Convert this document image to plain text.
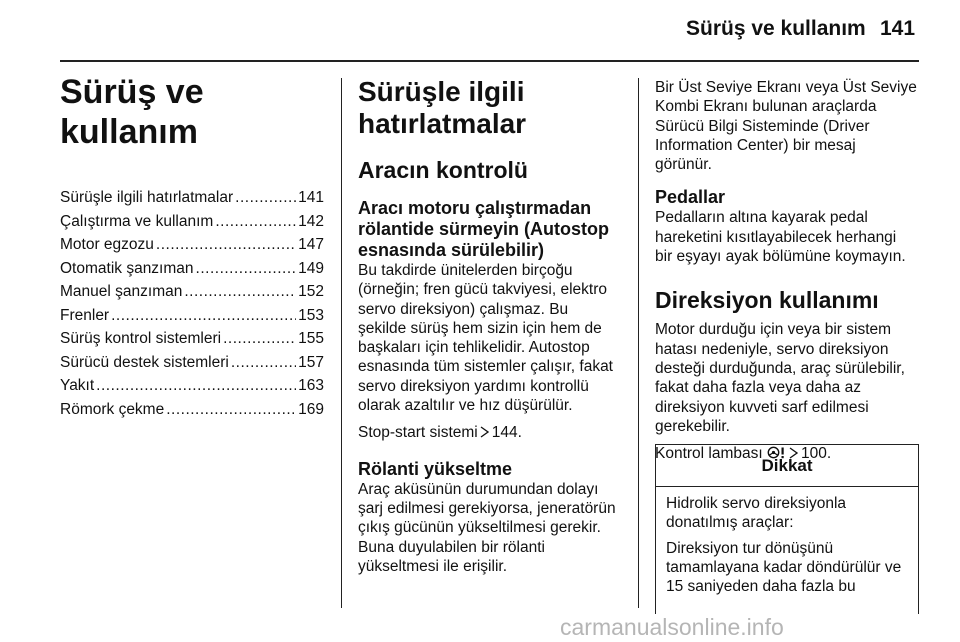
Sürüş ve kullanım 141
Sürüş ve kullanım
Sürüşle ilgili hatırlatmalar .....	141
Çalıştırma ve kullanım .....	142
Motor egzozu .....	147
Otomatik şanzıman .....	149
Manuel şanzıman .....	152
Frenler .....	153
Sürüş kontrol sistemleri .....	155
Sürücü destek sistemleri .....	157
Yakıt .....	163
Römork çekme .....	169
Sürüşle ilgili
hatırlatmalar
Aracın kontrolü
Aracı motoru çalıştırmadan
rölantide sürmeyin (Autostop
esnasında sürülebilir)

Bu takdirde ünitelerden birçoğu
(örneğin; fren gücü takviyesi, elektro
servo direksiyon) çalışmaz. Bu
şekilde sürüş hem sizin için hem de
başkaları için tehlikelidir. Autostop
esnasında tüm sistemler çalışır, fakat
servo direksiyon yardımı kontrollü
olarak azaltılır ve hız düşürülür.

Stop-start sistemi 144.

Rölanti yükseltme

Araç aküsünün durumundan dolayı
şarj edilmesi gerekiyorsa, jeneratörün
çıkış gücünün yükseltilmesi gerekir.
Buna duyulabilen bir rölanti
yükseltmesi ile erişilir.

Bir Üst Seviye Ekranı veya Üst Seviye
Kombi Ekranı bulunan araçlarda
Sürücü Bilgi Sisteminde (Driver
Information Center) bir mesaj
görünür.

Pedallar

Pedalların altına kayarak pedal
hareketini kısıtlayabilecek herhangi
bir eşyayı ayak bölümüne koymayın.

Direksiyon kullanımı

Motor durduğu için veya bir sistem
hatası nedeniyle, servo direksiyon
desteği durduğunda, araç sürülebilir,
fakat daha fazla veya daha az
direksiyon kuvveti sarf edilmesi
gerekebilir.

Kontrol lambası 100.

Dikkat

Hidrolik servo direksiyonla
donatılmış araçlar:

Direksiyon tur dönüşünü
tamamlayana kadar döndürülür ve
15 saniyeden daha fazla bu

carmanualsonline.info
